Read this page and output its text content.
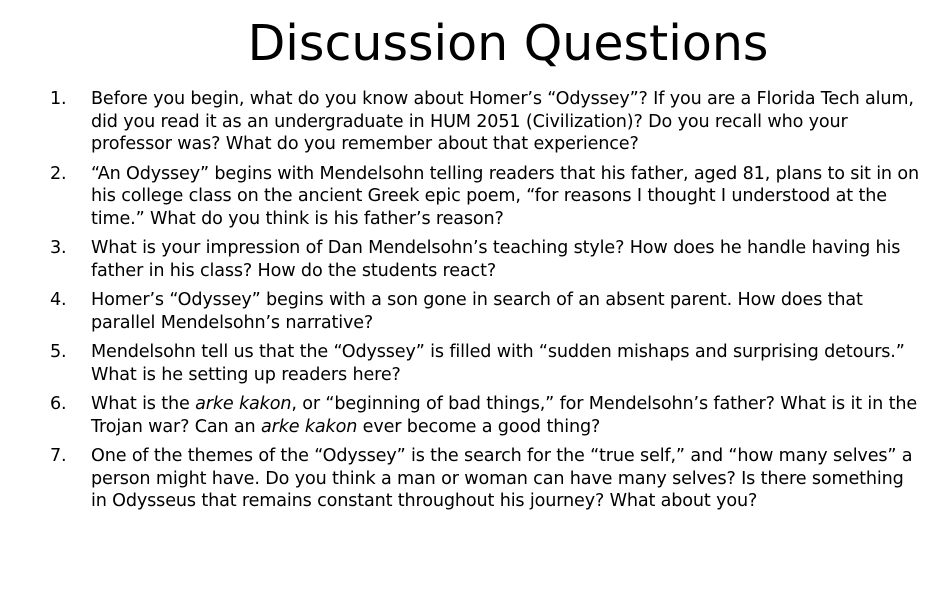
Discussion Questions
1.	Before you begin, what do you know about Homer’s “Odyssey”? If you are a Florida Tech alum, did you read it as an undergraduate in HUM 2051 (Civilization)? Do you recall who your professor was? What do you remember about that experience?
2.	“An Odyssey” begins with Mendelsohn telling readers that his father, aged 81, plans to sit in on his college class on the ancient Greek epic poem, “for reasons I thought I understood at the time.” What do you think is his father’s reason?
3.	What is your impression of Dan Mendelsohn’s teaching style? How does he handle having his father in his class? How do the students react?
4.	Homer’s “Odyssey” begins with a son gone in search of an absent parent. How does that parallel Mendelsohn’s narrative?
5.	Mendelsohn tell us that the “Odyssey” is filled with “sudden mishaps and surprising detours.” What is he setting up readers here?
6.	What is the arke kakon, or “beginning of bad things,” for Mendelsohn’s father? What is it in the Trojan war? Can an arke kakon ever become a good thing?
7.	One of the themes of the “Odyssey” is the search for the “true self,” and “how many selves” a person might have. Do you think a man or woman can have many selves? Is there something in Odysseus that remains constant throughout his journey? What about you?
